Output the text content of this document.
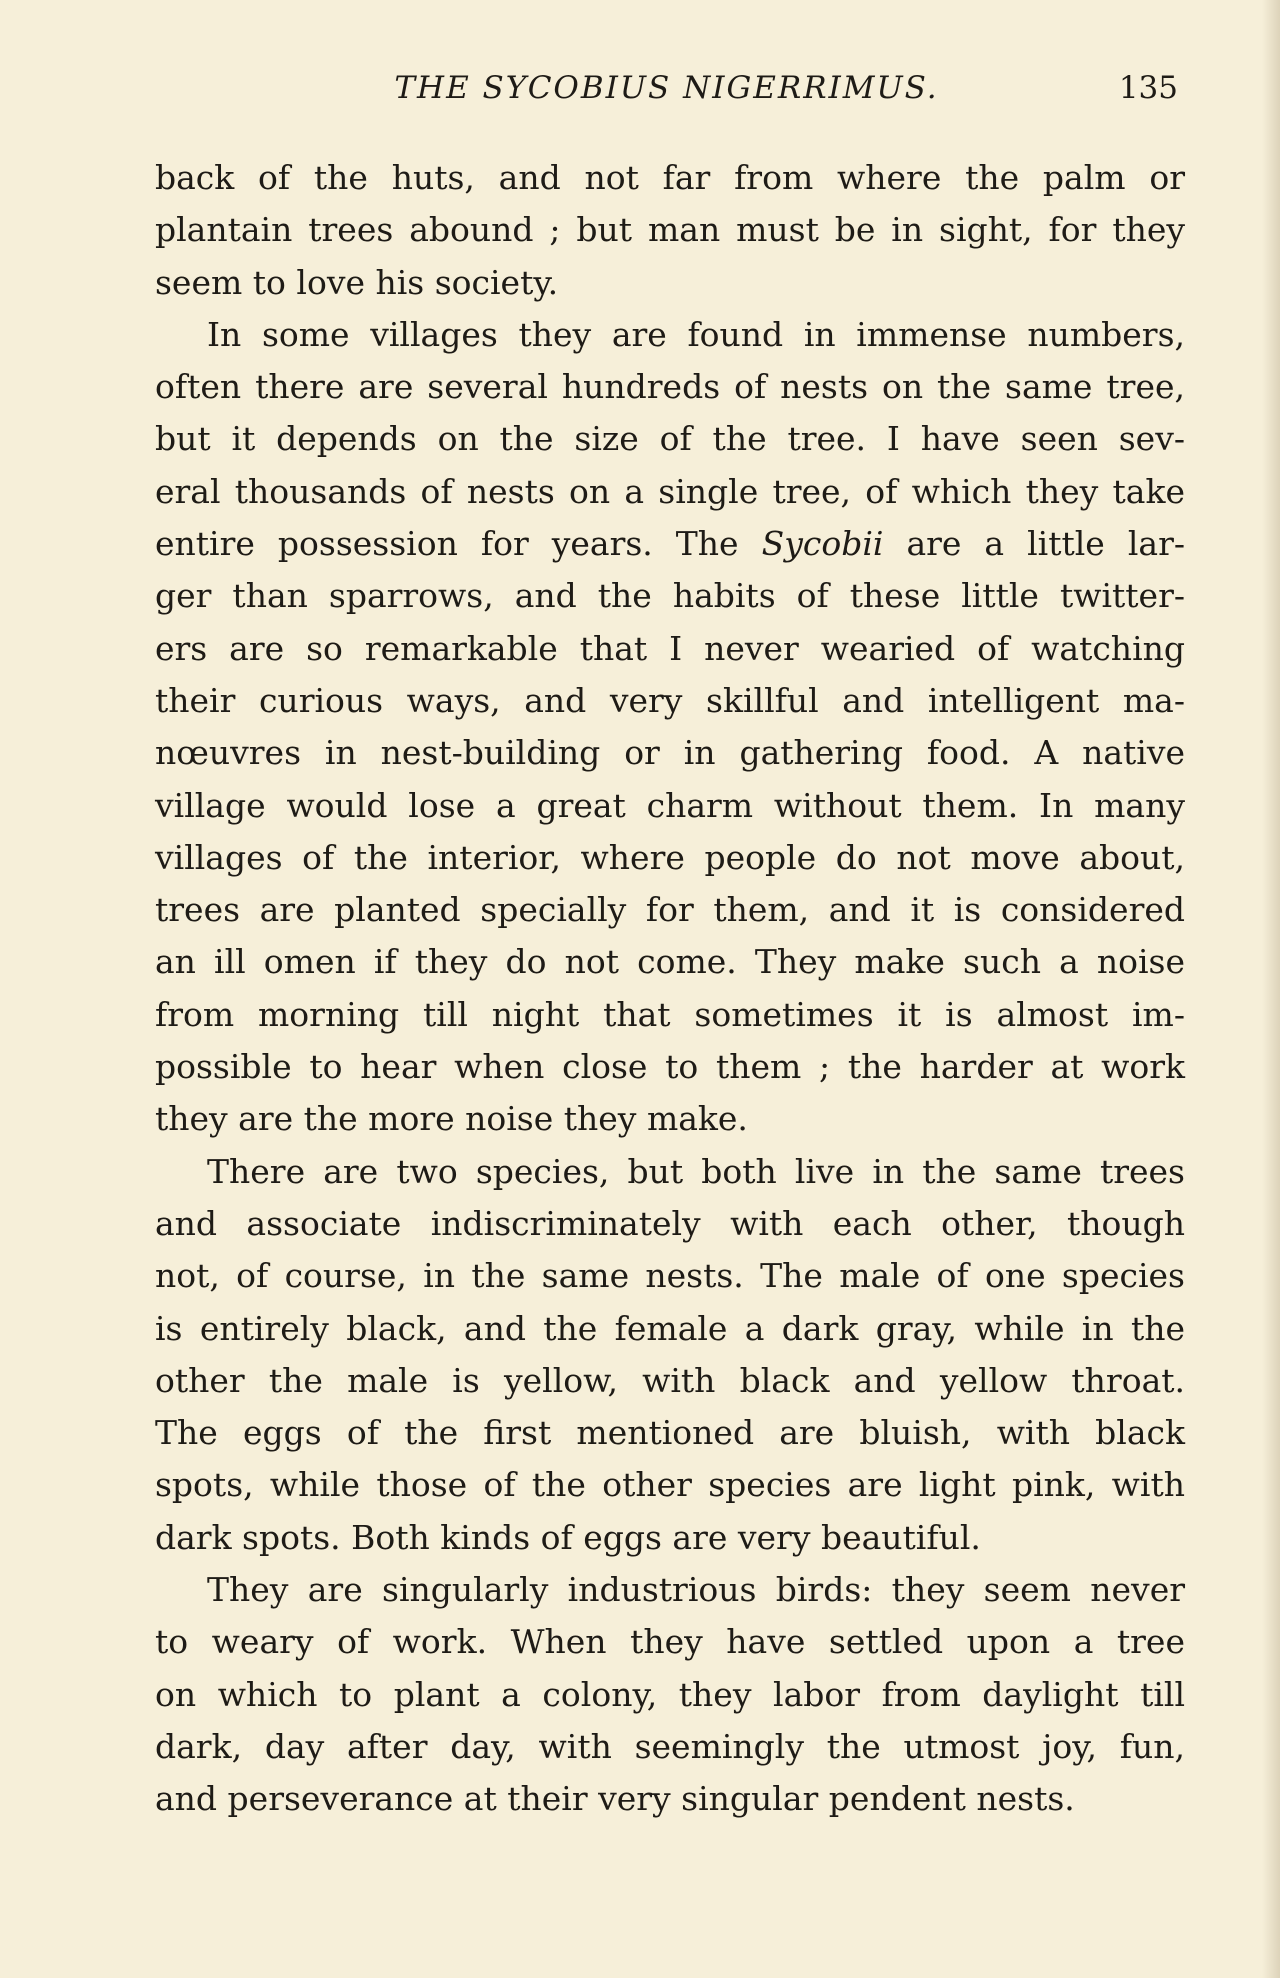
THE SYCOBIUS NIGERRIMUS.	135
back of the huts, and not far from where the palm or
plantain trees abound ; but man must be in sight, for they
seem to love his society.
In some villages they are found in immense numbers,
often there are several hundreds of nests on the same tree,
but it depends on the size of the tree. I have seen sev-
eral thousands of nests on a single tree, of which they take
entire possession for years. The Sycobii are a little lar-
ger than sparrows, and the habits of these little twitter-
ers are so remarkable that I never wearied of watching
their curious ways, and very skillful and intelligent ma-
nœuvres in nest-building or in gathering food. A native
village would lose a great charm without them. In many
villages of the interior, where people do not move about,
trees are planted specially for them, and it is considered
an ill omen if they do not come. They make such a noise
from morning till night that sometimes it is almost im-
possible to hear when close to them ; the harder at work
they are the more noise they make.
There are two species, but both live in the same trees
and associate indiscriminately with each other, though
not, of course, in the same nests. The male of one species
is entirely black, and the female a dark gray, while in the
other the male is yellow, with black and yellow throat.
The eggs of the first mentioned are bluish, with black
spots, while those of the other species are light pink, with
dark spots. Both kinds of eggs are very beautiful.
They are singularly industrious birds: they seem never
to weary of work. When they have settled upon a tree
on which to plant a colony, they labor from daylight till
dark, day after day, with seemingly the utmost joy, fun,
and perseverance at their very singular pendent nests.
